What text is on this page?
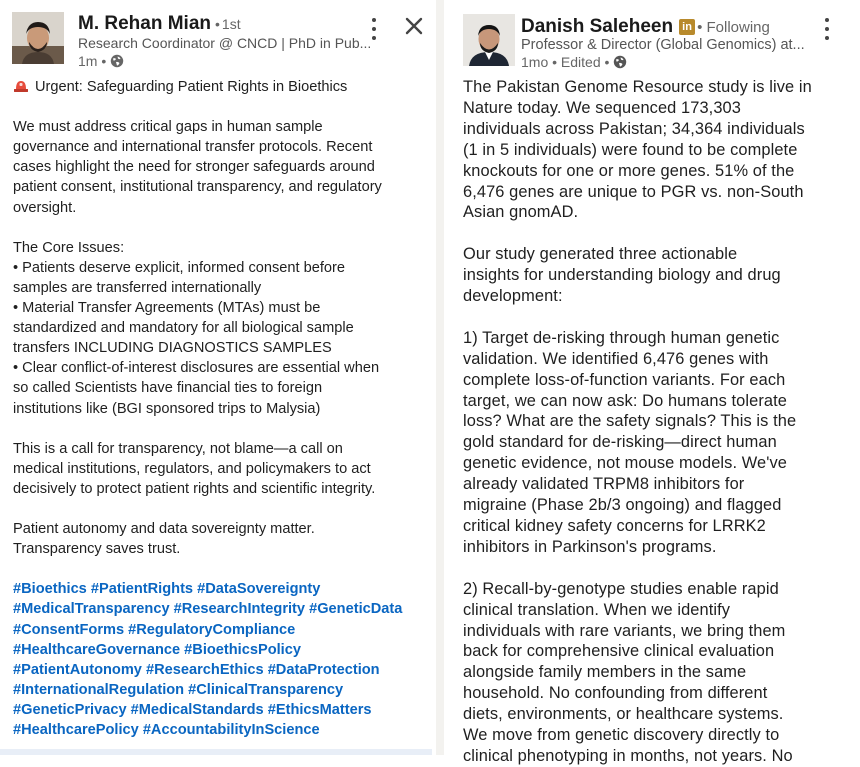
M. Rehan Mian • 1st
Research Coordinator @ CNCD | PhD in Pub...
1m •
Urgent: Safeguarding Patient Rights in Bioethics
We must address critical gaps in human sample
governance and international transfer protocols. Recent
cases highlight the need for stronger safeguards around
patient consent, institutional transparency, and regulatory
oversight.
The Core Issues:
• Patients deserve explicit, informed consent before
samples are transferred internationally
• Material Transfer Agreements (MTAs) must be
standardized and mandatory for all biological sample
transfers INCLUDING DIAGNOSTICS SAMPLES
• Clear conflict-of-interest disclosures are essential when
so called Scientists have financial ties to foreign
institutions like (BGI sponsored trips to Malysia)
This is a call for transparency, not blame—a call on
medical institutions, regulators, and policymakers to act
decisively to protect patient rights and scientific integrity.
Patient autonomy and data sovereignty matter.
Transparency saves trust.
#Bioethics #PatientRights #DataSovereignty
#MedicalTransparency #ResearchIntegrity #GeneticData
#ConsentForms #RegulatoryCompliance
#HealthcareGovernance #BioethicsPolicy
#PatientAutonomy #ResearchEthics #DataProtection
#InternationalRegulation #ClinicalTransparency
#GeneticPrivacy #MedicalStandards #EthicsMatters
#HealthcarePolicy #AccountabilityInScience
Danish Saleheen in • Following
Professor & Director (Global Genomics) at...
1mo • Edited •
The Pakistan Genome Resource study is live in
Nature today. We sequenced 173,303
individuals across Pakistan; 34,364 individuals
(1 in 5 individuals) were found to be complete
knockouts for one or more genes. 51% of the
6,476 genes are unique to PGR vs. non-South
Asian gnomAD.
Our study generated three actionable
insights for understanding biology and drug
development:
1) Target de-risking through human genetic
validation. We identified 6,476 genes with
complete loss-of-function variants. For each
target, we can now ask: Do humans tolerate
loss? What are the safety signals? This is the
gold standard for de-risking—direct human
genetic evidence, not mouse models. We've
already validated TRPM8 inhibitors for
migraine (Phase 2b/3 ongoing) and flagged
critical kidney safety concerns for LRRK2
inhibitors in Parkinson's programs.
2) Recall-by-genotype studies enable rapid
clinical translation. When we identify
individuals with rare variants, we bring them
back for comprehensive clinical evaluation
alongside family members in the same
household. No confounding from different
diets, environments, or healthcare systems.
We move from genetic discovery directly to
clinical phenotyping in months, not years. No
